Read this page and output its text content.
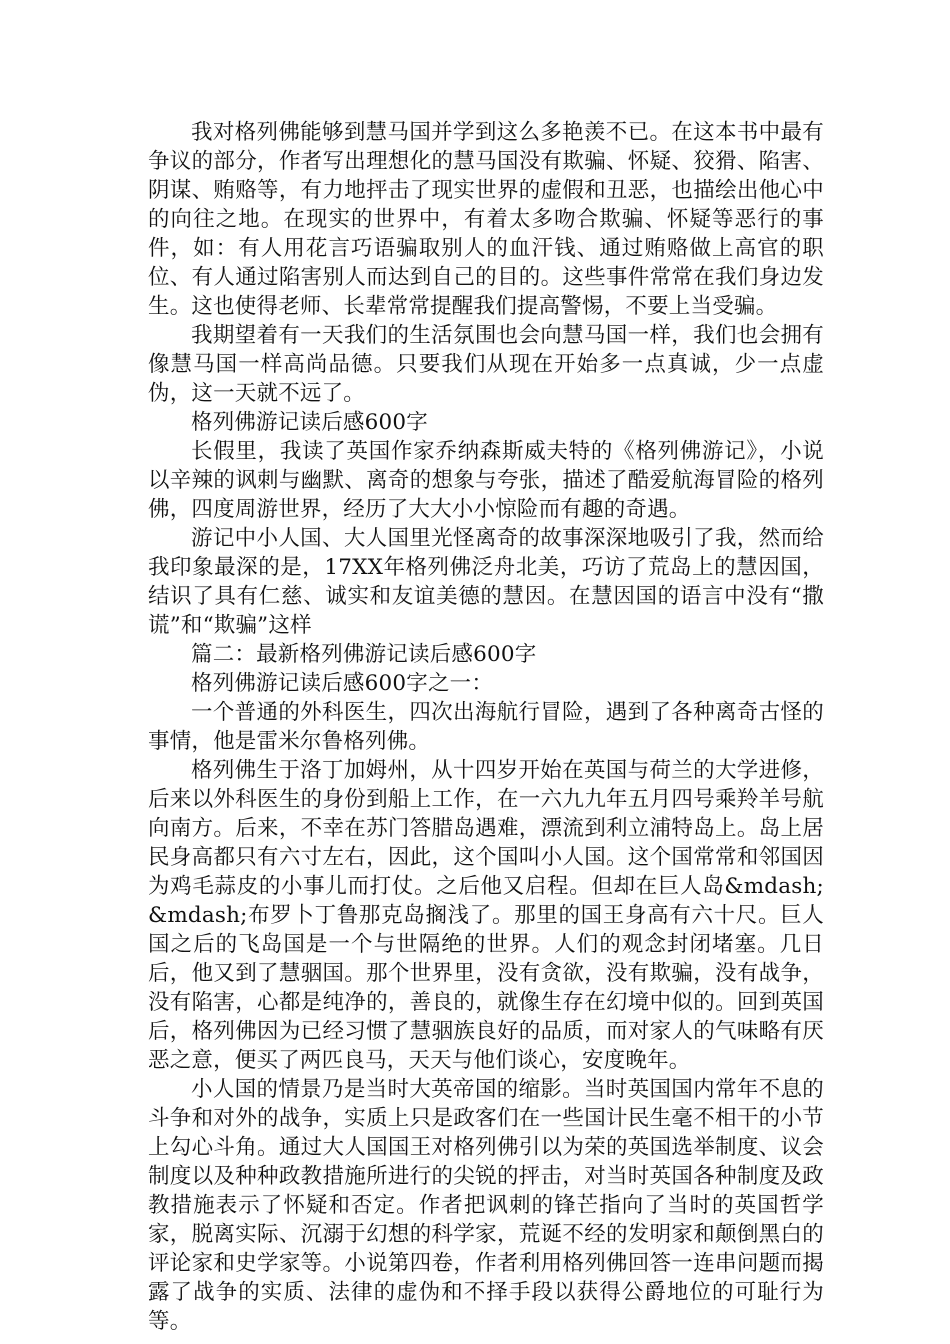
我对格列佛能够到慧马国并学到这么多艳羡不已。在这本书中最有争议的部分，作者写出理想化的慧马国没有欺骗、怀疑、狡猾、陷害、阴谋、贿赂等，有力地抨击了现实世界的虚假和丑恶，也描绘出他心中的向往之地。在现实的世界中，有着太多吻合欺骗、怀疑等恶行的事件，如：有人用花言巧语骗取别人的血汗钱、通过贿赂做上高官的职位、有人通过陷害别人而达到自己的目的。这些事件常常在我们身边发生。这也使得老师、长辈常常提醒我们提高警惕，不要上当受骗。

我期望着有一天我们的生活氛围也会向慧马国一样，我们也会拥有像慧马国一样高尚品德。只要我们从现在开始多一点真诚，少一点虚伪，这一天就不远了。

格列佛游记读后感600字

长假里，我读了英国作家乔纳森斯威夫特的《格列佛游记》，小说以辛辣的讽刺与幽默、离奇的想象与夸张，描述了酷爱航海冒险的格列佛，四度周游世界，经历了大大小小惊险而有趣的奇遇。

游记中小人国、大人国里光怪离奇的故事深深地吸引了我，然而给我印象最深的是，17XX年格列佛泛舟北美，巧访了荒岛上的慧因国，结识了具有仁慈、诚实和友谊美德的慧因。在慧因国的语言中没有“撒谎”和“欺骗”这样

篇二：最新格列佛游记读后感600字

格列佛游记读后感600字之一：

一个普通的外科医生，四次出海航行冒险，遇到了各种离奇古怪的事情，他是雷米尔鲁格列佛。

格列佛生于洛丁加姆州，从十四岁开始在英国与荷兰的大学进修，后来以外科医生的身份到船上工作，在一六九九年五月四号乘羚羊号航向南方。后来，不幸在苏门答腊岛遇难，漂流到利立浦特岛上。岛上居民身高都只有六寸左右，因此，这个国叫小人国。这个国常常和邻国因为鸡毛蒜皮的小事儿而打仗。之后他又启程。但却在巨人岛&mdash;&mdash;布罗卜丁鲁那克岛搁浅了。那里的国王身高有六十尺。巨人国之后的飞岛国是一个与世隔绝的世界。人们的观念封闭堵塞。几日后，他又到了慧骃国。那个世界里，没有贪欲，没有欺骗，没有战争，没有陷害，心都是纯净的，善良的，就像生存在幻境中似的。回到英国后，格列佛因为已经习惯了慧骃族良好的品质，而对家人的气味略有厌恶之意，便买了两匹良马，天天与他们谈心，安度晚年。

小人国的情景乃是当时大英帝国的缩影。当时英国国内常年不息的斗争和对外的战争，实质上只是政客们在一些国计民生毫不相干的小节上勾心斗角。通过大人国国王对格列佛引以为荣的英国选举制度、议会制度以及种种政教措施所进行的尖锐的抨击，对当时英国各种制度及政教措施表示了怀疑和否定。作者把讽刺的锋芒指向了当时的英国哲学家，脱离实际、沉溺于幻想的科学家，荒诞不经的发明家和颠倒黑白的评论家和史学家等。小说第四卷，作者利用格列佛回答一连串问题而揭露了战争的实质、法律的虚伪和不择手段以获得公爵地位的可耻行为等。
